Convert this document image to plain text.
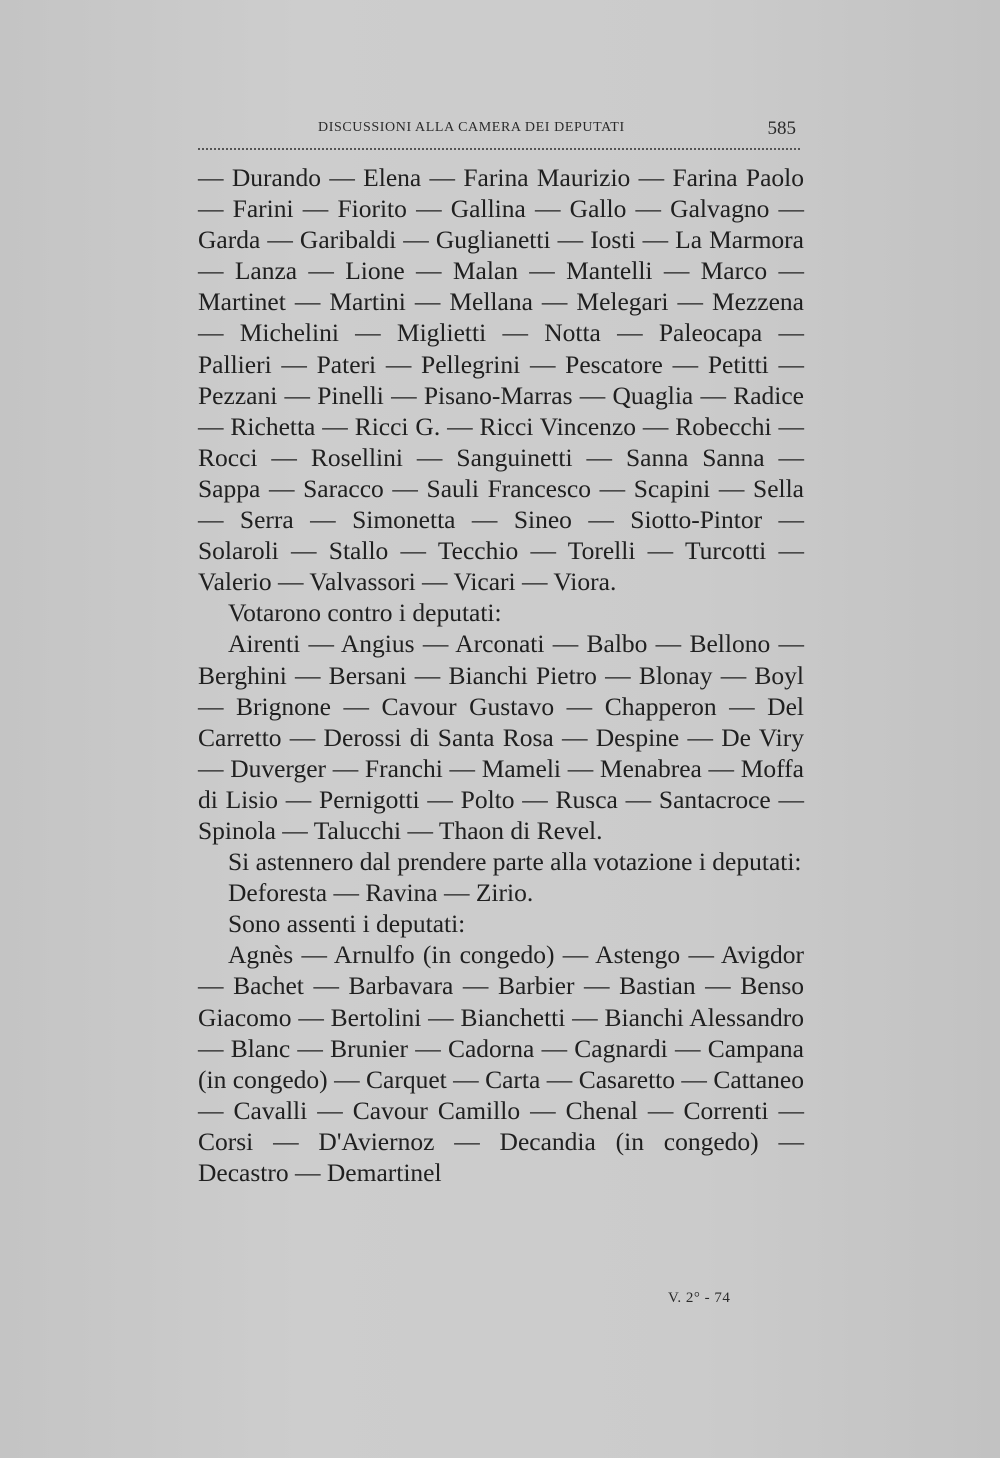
DISCUSSIONI ALLA CAMERA DEI DEPUTATI	585

— Durando — Elena — Farina Maurizio — Farina Paolo — Farini — Fiorito — Gallina — Gallo — Galvagno — Garda — Garibaldi — Guglianetti — Iosti — La Marmora — Lanza — Lione — Malan — Mantelli — Marco — Martinet — Martini — Mellana — Melegari — Mezzena — Michelini — Miglietti — Notta — Paleocapa — Pallieri — Pateri — Pellegrini — Pescatore — Petitti — Pezzani — Pinelli — Pisano-Marras — Quaglia — Radice — Richetta — Ricci G. — Ricci Vincenzo — Robecchi — Rocci — Rosellini — Sanguinetti — Sanna Sanna — Sappa — Saracco — Sauli Francesco — Scapini — Sella — Serra — Simonetta — Sineo — Siotto-Pintor — Solaroli — Stallo — Tecchio — Torelli — Turcotti — Valerio — Valvassori — Vicari — Viora.

Votarono contro i deputati:

Airenti — Angius — Arconati — Balbo — Bellono — Berghini — Bersani — Bianchi Pietro — Blonay — Boyl — Brignone — Cavour Gustavo — Chapperon — Del Carretto — Derossi di Santa Rosa — Despine — De Viry — Duverger — Franchi — Mameli — Menabrea — Moffa di Lisio — Pernigotti — Polto — Rusca — Santacroce — Spinola — Talucchi — Thaon di Revel.

Si astennero dal prendere parte alla votazione i deputati:

Deforesta — Ravina — Zirio.

Sono assenti i deputati:

Agnès — Arnulfo (in congedo) — Astengo — Avigdor — Bachet — Barbavara — Barbier — Bastian — Benso Giacomo — Bertolini — Bianchetti — Bianchi Alessandro — Blanc — Brunier — Cadorna — Cagnardi — Campana (in congedo) — Carquet — Carta — Casaretto — Cattaneo — Cavalli — Cavour Camillo — Chenal — Correnti — Corsi — D'Aviernoz — Decandia (in congedo) — Decastro — Demartinel

V. 2° - 74
